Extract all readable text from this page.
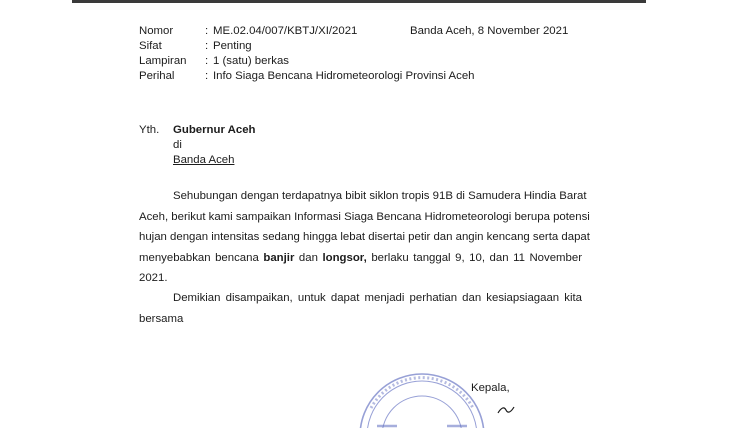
Nomor	: ME.02.04/007/KBTJ/XI/2021
Sifat	: Penting
Lampiran : 1 (satu) berkas
Perihal	: Info Siaga Bencana Hidrometeorologi Provinsi Aceh
Banda Aceh, 8 November 2021
Yth. Gubernur Aceh
di
Banda Aceh
Sehubungan dengan terdapatnya bibit siklon tropis 91B di Samudera Hindia Barat
Aceh, berikut kami sampaikan Informasi Siaga Bencana Hidrometeorologi berupa potensi
hujan dengan intensitas sedang hingga lebat disertai petir dan angin kencang serta dapat
menyebabkan bencana banjir dan longsor, berlaku tanggal 9, 10, dan 11 November
2021.
Demikian disampaikan, untuk dapat menjadi perhatian dan kesiapsiagaan kita
bersama
Kepala,
